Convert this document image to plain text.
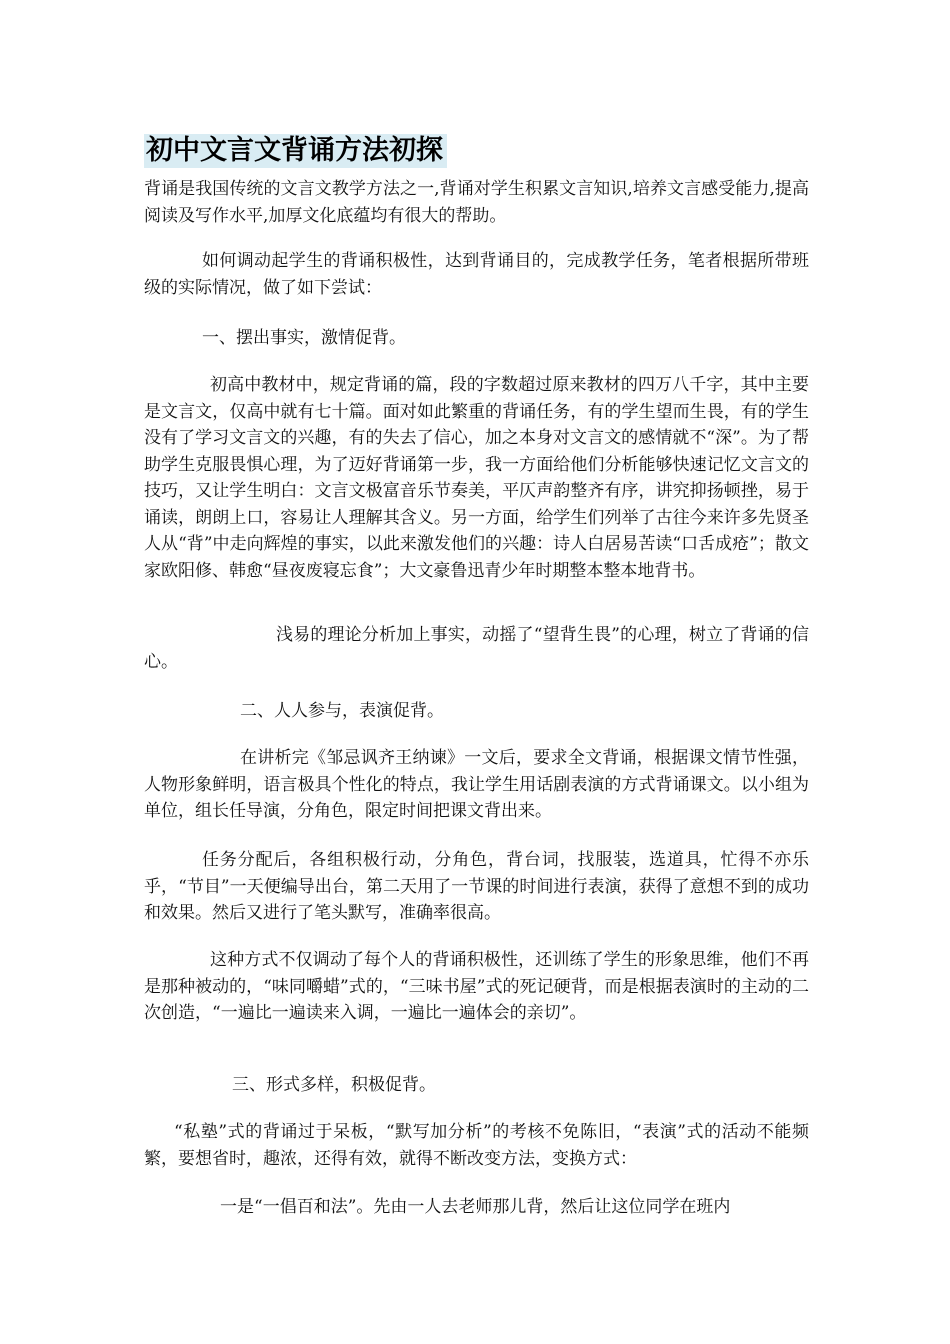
初中文言文背诵方法初探

背诵是我国传统的文言文教学方法之一,背诵对学生积累文言知识,培养文言感受能力,提高阅读及写作水平,加厚文化底蕴均有很大的帮助。

如何调动起学生的背诵积极性，达到背诵目的，完成教学任务，笔者根据所带班级的实际情况，做了如下尝试：

一、摆出事实，激情促背。

初高中教材中，规定背诵的篇，段的字数超过原来教材的四万八千字，其中主要是文言文，仅高中就有七十篇。面对如此繁重的背诵任务，有的学生望而生畏，有的学生没有了学习文言文的兴趣，有的失去了信心，加之本身对文言文的感情就不“深”。为了帮助学生克服畏惧心理，为了迈好背诵第一步，我一方面给他们分析能够快速记忆文言文的技巧，又让学生明白：文言文极富音乐节奏美，平仄声韵整齐有序，讲究抑扬顿挫，易于诵读，朗朗上口，容易让人理解其含义。另一方面，给学生们列举了古往今来许多先贤圣人从“背”中走向辉煌的事实，以此来激发他们的兴趣：诗人白居易苦读“口舌成疮”；散文家欧阳修、韩愈“昼夜废寝忘食”；大文豪鲁迅青少年时期整本整本地背书。

浅易的理论分析加上事实，动摇了“望背生畏”的心理，树立了背诵的信心。

二、人人参与，表演促背。

在讲析完《邹忌讽齐王纳谏》一文后，要求全文背诵，根据课文情节性强，人物形象鲜明，语言极具个性化的特点，我让学生用话剧表演的方式背诵课文。以小组为单位，组长任导演，分角色，限定时间把课文背出来。

任务分配后，各组积极行动，分角色，背台词，找服装，选道具，忙得不亦乐乎，“节目”一天便编导出台，第二天用了一节课的时间进行表演，获得了意想不到的成功和效果。然后又进行了笔头默写，准确率很高。

这种方式不仅调动了每个人的背诵积极性，还训练了学生的形象思维，他们不再是那种被动的，“味同嚼蜡”式的，“三味书屋”式的死记硬背，而是根据表演时的主动的二次创造，“一遍比一遍读来入调，一遍比一遍体会的亲切”。

三、形式多样，积极促背。

“私塾”式的背诵过于呆板，“默写加分析”的考核不免陈旧，“表演”式的活动不能频繁，要想省时，趣浓，还得有效，就得不断改变方法，变换方式：

一是“一倡百和法”。先由一人去老师那儿背，然后让这位同学在班内
